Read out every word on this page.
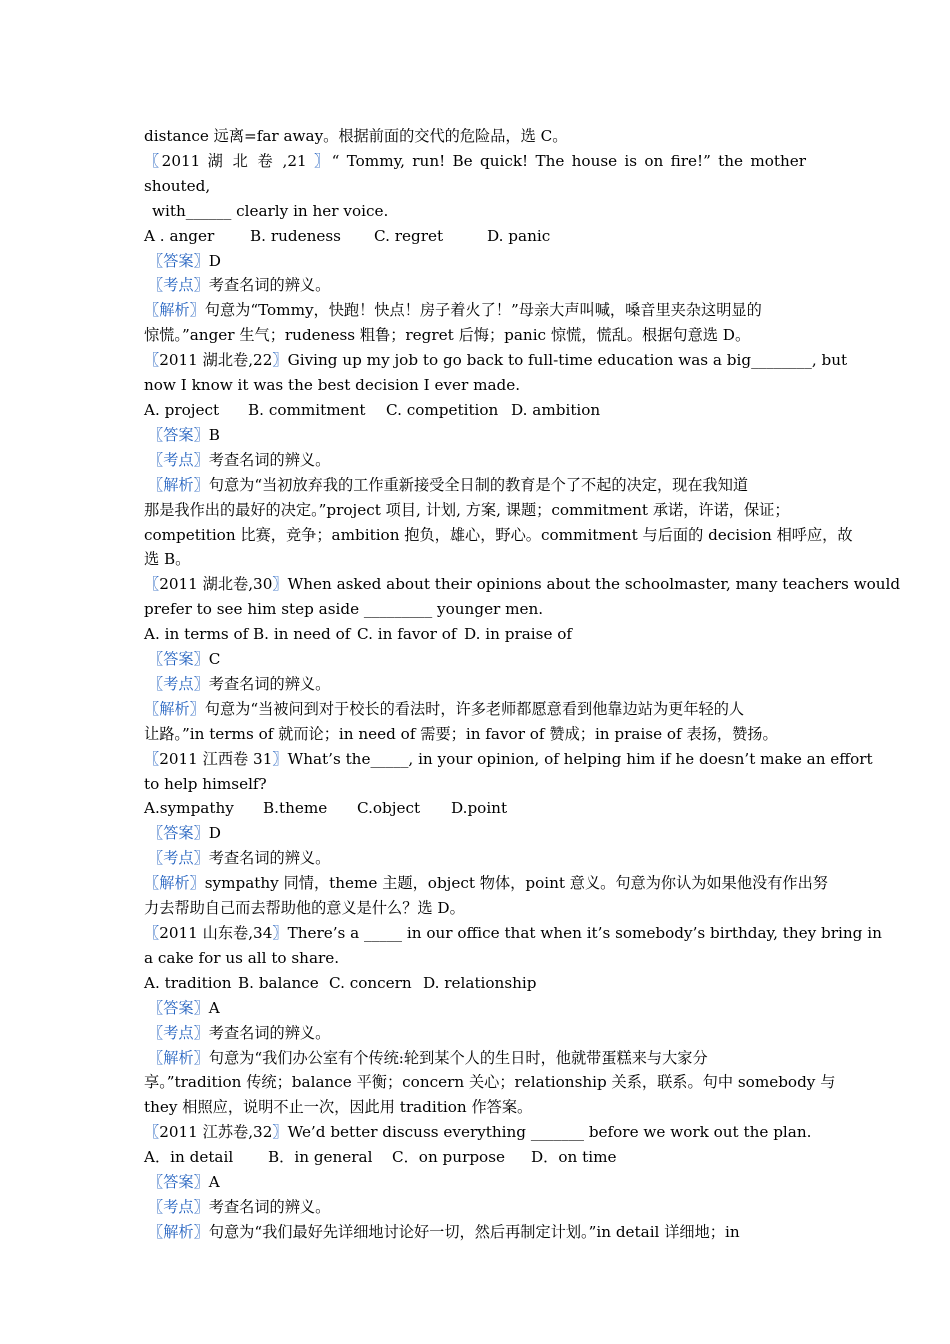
distance 远离=far away。根据前面的交代的危险品，选 C。
〖2011 湖 北 卷 ,21 〗“ Tommy, run! Be quick! The house is on fire!” the mother shouted,
with______ clearly in her voice.
A . anger B. rudeness C. regret	D. panic
〖答案〗D
〖考点〗考查名词的辨义。
〖解析〗句意为“Tommy，快跑！快点！房子着火了！”母亲大声叫喊，嗓音里夹杂这明显的
惊慌。”anger 生气；rudeness 粗鲁；regret 后悔；panic 惊慌，慌乱。根据句意选 D。
〖2011 湖北卷,22〗Giving up my job to go back to full-time education was a big________, but
now I know it was the best decision I ever made.
A. project B. commitment C. competition D. ambition
〖答案〗B
〖考点〗考查名词的辨义。
〖解析〗句意为“当初放弃我的工作重新接受全日制的教育是个了不起的决定，现在我知道
那是我作出的最好的决定。”project 项目, 计划, 方案, 课题；commitment 承诺，许诺，保证；
competition 比赛，竞争；ambition 抱负，雄心，野心。commitment 与后面的 decision 相呼应，故
选 B。
〖2011 湖北卷,30〗When asked about their opinions about the schoolmaster, many teachers would
prefer to see him step aside _________ younger men.
A. in terms of B. in need of C. in favor of D. in praise of
〖答案〗C
〖考点〗考查名词的辨义。
〖解析〗句意为“当被问到对于校长的看法时，许多老师都愿意看到他靠边站为更年轻的人
让路。”in terms of 就而论；in need of 需要；in favor of 赞成；in praise of 表扬，赞扬。
〖2011 江西卷 31〗What’s the_____, in your opinion, of helping him if he doesn’t make an effort
to help himself?
A.sympathy B.theme C.object D.point
〖答案〗D
〖考点〗考查名词的辨义。
〖解析〗sympathy 同情，theme 主题，object 物体，point 意义。句意为你认为如果他没有作出努
力去帮助自己而去帮助他的意义是什么？选 D。
〖2011 山东卷,34〗There’s a _____ in our office that when it’s somebody’s birthday, they bring in
a cake for us all to share.
A. tradition B. balance C. concern D. relationship
〖答案〗A
〖考点〗考查名词的辨义。
〖解析〗句意为“我们办公室有个传统:轮到某个人的生日时，他就带蛋糕来与大家分
享。”tradition 传统；balance 平衡；concern 关心；relationship 关系，联系。句中 somebody 与
they 相照应，说明不止一次，因此用 tradition 作答案。
〖2011 江苏卷,32〗We’d better discuss everything _______ before we work out the plan.
A．in detail B．in general C．on purpose D．on time
〖答案〗A
〖考点〗考查名词的辨义。
〖解析〗句意为“我们最好先详细地讨论好一切，然后再制定计划。”in detail 详细地；in
